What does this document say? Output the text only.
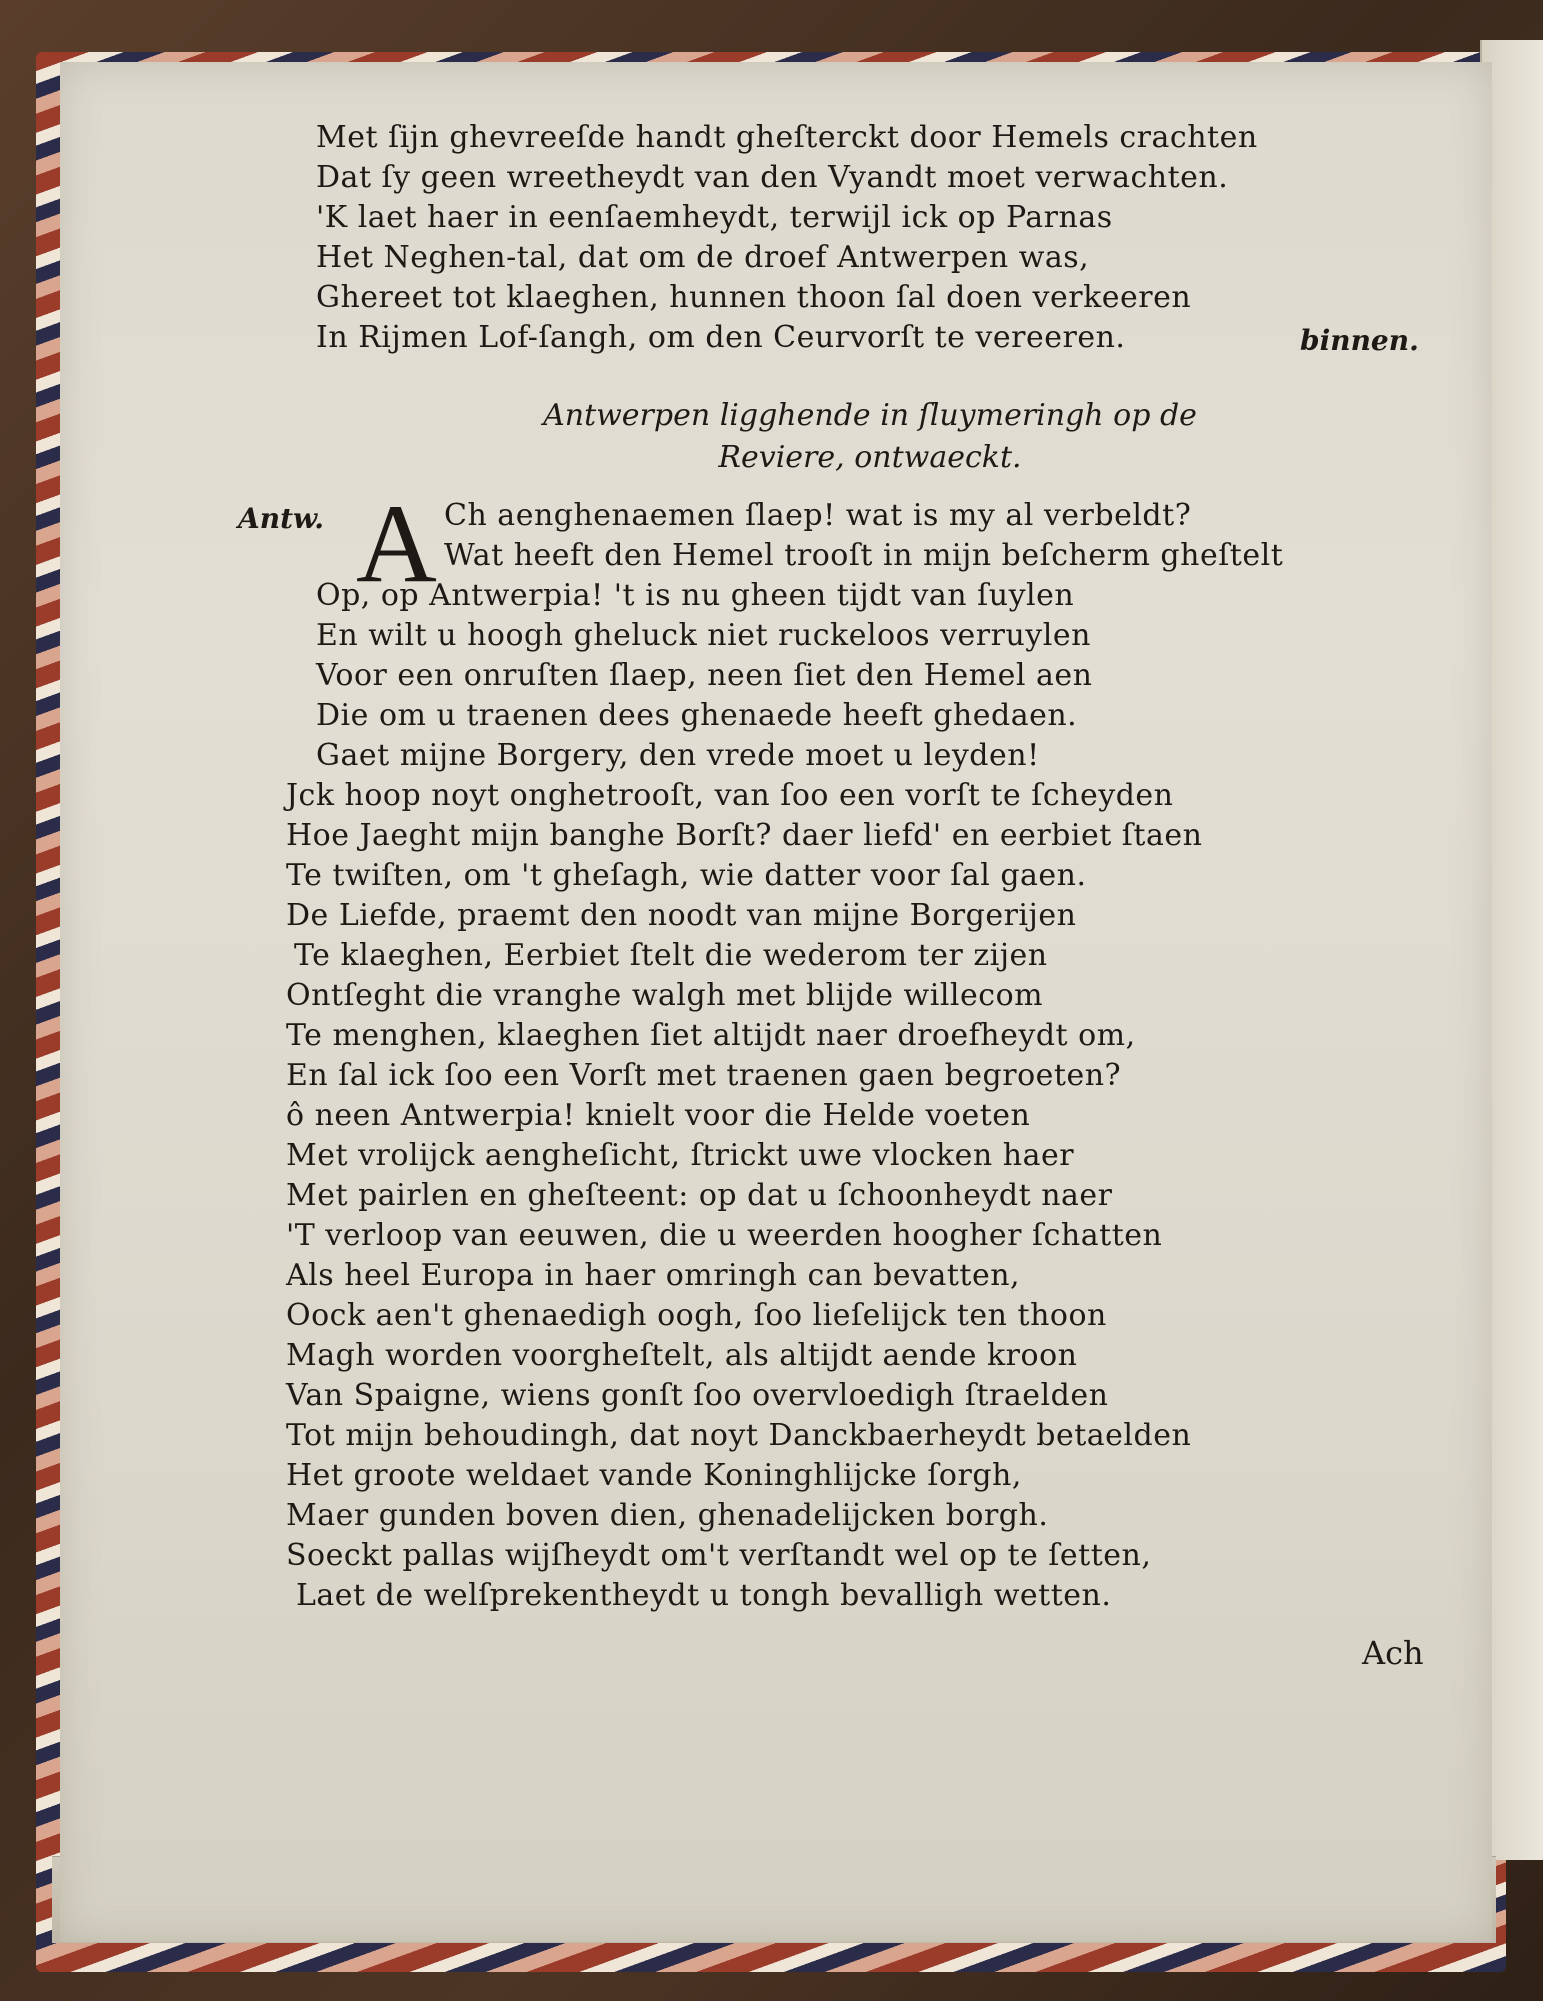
Met ſijn ghevreeſde handt gheſterckt door Hemels crachten
Dat ſy geen wreetheydt van den Vyandt moet verwachten.
'K laet haer in eenſaemheydt, terwijl ick op Parnas
Het Neghen-tal, dat om de droef Antwerpen was,
Ghereet tot klaeghen, hunnen thoon ſal doen verkeeren
In Rijmen Lof-ſangh, om den Ceurvorſt te vereeren.	binnen.
Antwerpen ligghende in ſluymeringh op de
Reviere, ontwaeckt.
Antw. A Ch aenghenaemen ſlaep! wat is my al verbeldt?
Wat heeft den Hemel trooſt in mijn beſcherm gheſtelt
Op, op Antwerpia! 't is nu gheen tijdt van ſuylen
En wilt u hoogh gheluck niet ruckeloos verruylen
Voor een onruſten ſlaep, neen ſiet den Hemel aen
Die om u traenen dees ghenaede heeft ghedaen.
Gaet mijne Borgery, den vrede moet u leyden!
Jck hoop noyt onghetrooſt, van ſoo een vorſt te ſcheyden
Hoe Jaeght mijn banghe Borſt? daer liefd' en eerbiet ſtaen
Te twiſten, om 't gheſagh, wie datter voor ſal gaen.
De Liefde, praemt den noodt van mijne Borgerijen
Te klaeghen, Eerbiet ſtelt die wederom ter zijen
Ontſeght die vranghe walgh met blijde willecom
Te menghen, klaeghen ſiet altijdt naer droefheydt om,
En ſal ick ſoo een Vorſt met traenen gaen begroeten?
ô neen Antwerpia! knielt voor die Helde voeten
Met vrolijck aengheſicht, ſtrickt uwe vlocken haer
Met pairlen en gheſteent: op dat u ſchoonheydt naer
'T verloop van eeuwen, die u weerden hoogher ſchatten
Als heel Europa in haer omringh can bevatten,
Oock aen't ghenaedigh oogh, ſoo lieſelijck ten thoon
Magh worden voorgheſtelt, als altijdt aende kroon
Van Spaigne, wiens gonſt ſoo overvloedigh ſtraelden
Tot mijn behoudingh, dat noyt Danckbaerheydt betaelden
Het groote weldaet vande Koninghlijcke ſorgh,
Maer gunden boven dien, ghenadelijcken borgh.
Soeckt pallas wijſheydt om't verſtandt wel op te ſetten,
Laet de welſprekentheydt u tongh bevalligh wetten.
Ach
